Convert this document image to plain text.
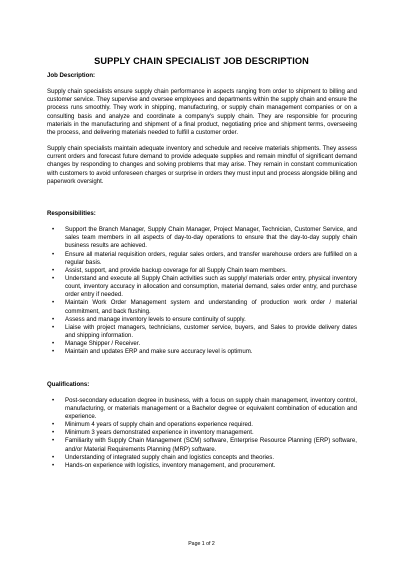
SUPPLY CHAIN SPECIALIST JOB DESCRIPTION

Job Description:

Supply chain specialists ensure supply chain performance in aspects ranging from order to shipment to billing and customer service. They supervise and oversee employees and departments within the supply chain and ensure the process runs smoothly. They work in shipping, manufacturing, or supply chain management companies or on a consulting basis and analyze and coordinate a company's supply chain. They are responsible for procuring materials in the manufacturing and shipment of a final product, negotiating price and shipment terms, overseeing the process, and delivering materials needed to fulfill a customer order.

Supply chain specialists maintain adequate inventory and schedule and receive materials shipments. They assess current orders and forecast future demand to provide adequate supplies and remain mindful of significant demand changes by responding to changes and solving problems that may arise. They remain in constant communication with customers to avoid unforeseen charges or surprise in orders they must input and process alongside billing and paperwork oversight.

Responsibilities:

• Support the Branch Manager, Supply Chain Manager, Project Manager, Technician, Customer Service, and sales team members in all aspects of day-to-day operations to ensure that the day-to-day supply chain business results are achieved.
• Ensure all material requisition orders, regular sales orders, and transfer warehouse orders are fulfilled on a regular basis.
• Assist, support, and provide backup coverage for all Supply Chain team members.
• Understand and execute all Supply Chain activities such as supply/ materials order entry, physical inventory count, inventory accuracy in allocation and consumption, material demand, sales order entry, and purchase order entry if needed.
• Maintain Work Order Management system and understanding of production work order / material commitment, and back flushing.
• Assess and manage inventory levels to ensure continuity of supply.
• Liaise with project managers, technicians, customer service, buyers, and Sales to provide delivery dates and shipping information.
• Manage Shipper / Receiver.
• Maintain and updates ERP and make sure accuracy level is optimum.

Qualifications:

• Post-secondary education degree in business, with a focus on supply chain management, inventory control, manufacturing, or materials management or a Bachelor degree or equivalent combination of education and experience.
• Minimum 4 years of supply chain and operations experience required.
• Minimum 3 years demonstrated experience in inventory management.
• Familiarity with Supply Chain Management (SCM) software, Enterprise Resource Planning (ERP) software, and/or Material Requirements Planning (MRP) software.
• Understanding of integrated supply chain and logistics concepts and theories.
• Hands-on experience with logistics, inventory management, and procurement.
Page 1 of 2
